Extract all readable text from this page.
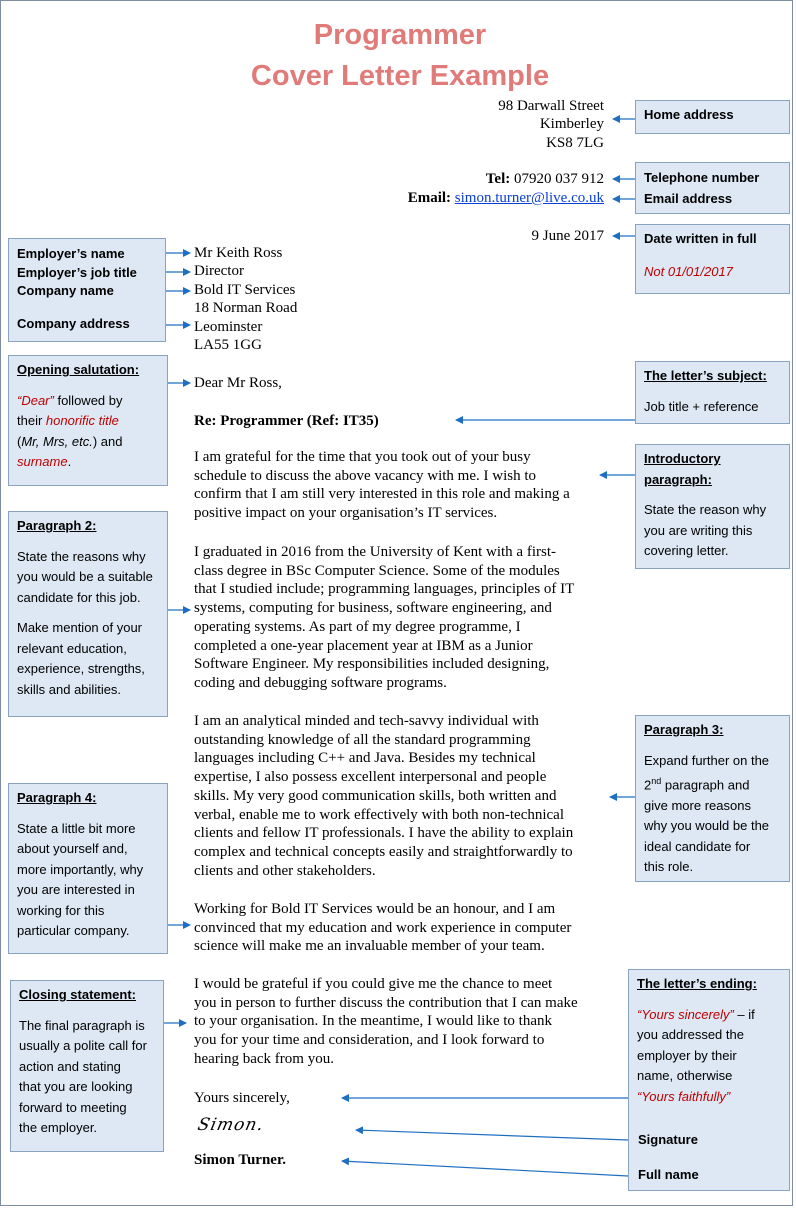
Programmer
Cover Letter Example
98 Darwall Street
Kimberley
KS8 7LG
Tel: 07920 037 912
Email: simon.turner@live.co.uk
9 June 2017
Mr Keith Ross
Director
Bold IT Services
18 Norman Road
Leominster
LA55 1GG
Dear Mr Ross,
Re: Programmer (Ref: IT35)
I am grateful for the time that you took out of your busy
schedule to discuss the above vacancy with me. I wish to
confirm that I am still very interested in this role and making a
positive impact on your organisation’s IT services.
I graduated in 2016 from the University of Kent with a first-
class degree in BSc Computer Science. Some of the modules
that I studied include; programming languages, principles of IT
systems, computing for business, software engineering, and
operating systems. As part of my degree programme, I
completed a one-year placement year at IBM as a Junior
Software Engineer. My responsibilities included designing,
coding and debugging software programs.
I am an analytical minded and tech-savvy individual with
outstanding knowledge of all the standard programming
languages including C++ and Java. Besides my technical
expertise, I also possess excellent interpersonal and people
skills. My very good communication skills, both written and
verbal, enable me to work effectively with both non-technical
clients and fellow IT professionals. I have the ability to explain
complex and technical concepts easily and straightforwardly to
clients and other stakeholders.
Working for Bold IT Services would be an honour, and I am
convinced that my education and work experience in computer
science will make me an invaluable member of your team.
I would be grateful if you could give me the chance to meet
you in person to further discuss the contribution that I can make
to your organisation. In the meantime, I would like to thank
you for your time and consideration, and I look forward to
hearing back from you.
Yours sincerely,
Simon.
Simon Turner.
Home address
Telephone number
Email address
Date written in full
Not 01/01/2017
The letter’s subject:
Job title + reference
Introductory
paragraph:
State the reason why
you are writing this
covering letter.
Paragraph 3:
Expand further on the
2nd paragraph and
give more reasons
why you would be the
ideal candidate for
this role.
The letter’s ending:
“Yours sincerely” – if
you addressed the
employer by their
name, otherwise
“Yours faithfully”
Signature
Full name
Employer’s name
Employer’s job title
Company name
Company address
Opening salutation:
“Dear” followed by
their honorific title
(Mr, Mrs, etc.) and
surname.
Paragraph 2:
State the reasons why
you would be a suitable
candidate for this job.
Make mention of your
relevant education,
experience, strengths,
skills and abilities.
Paragraph 4:
State a little bit more
about yourself and,
more importantly, why
you are interested in
working for this
particular company.
Closing statement:
The final paragraph is
usually a polite call for
action and stating
that you are looking
forward to meeting
the employer.
